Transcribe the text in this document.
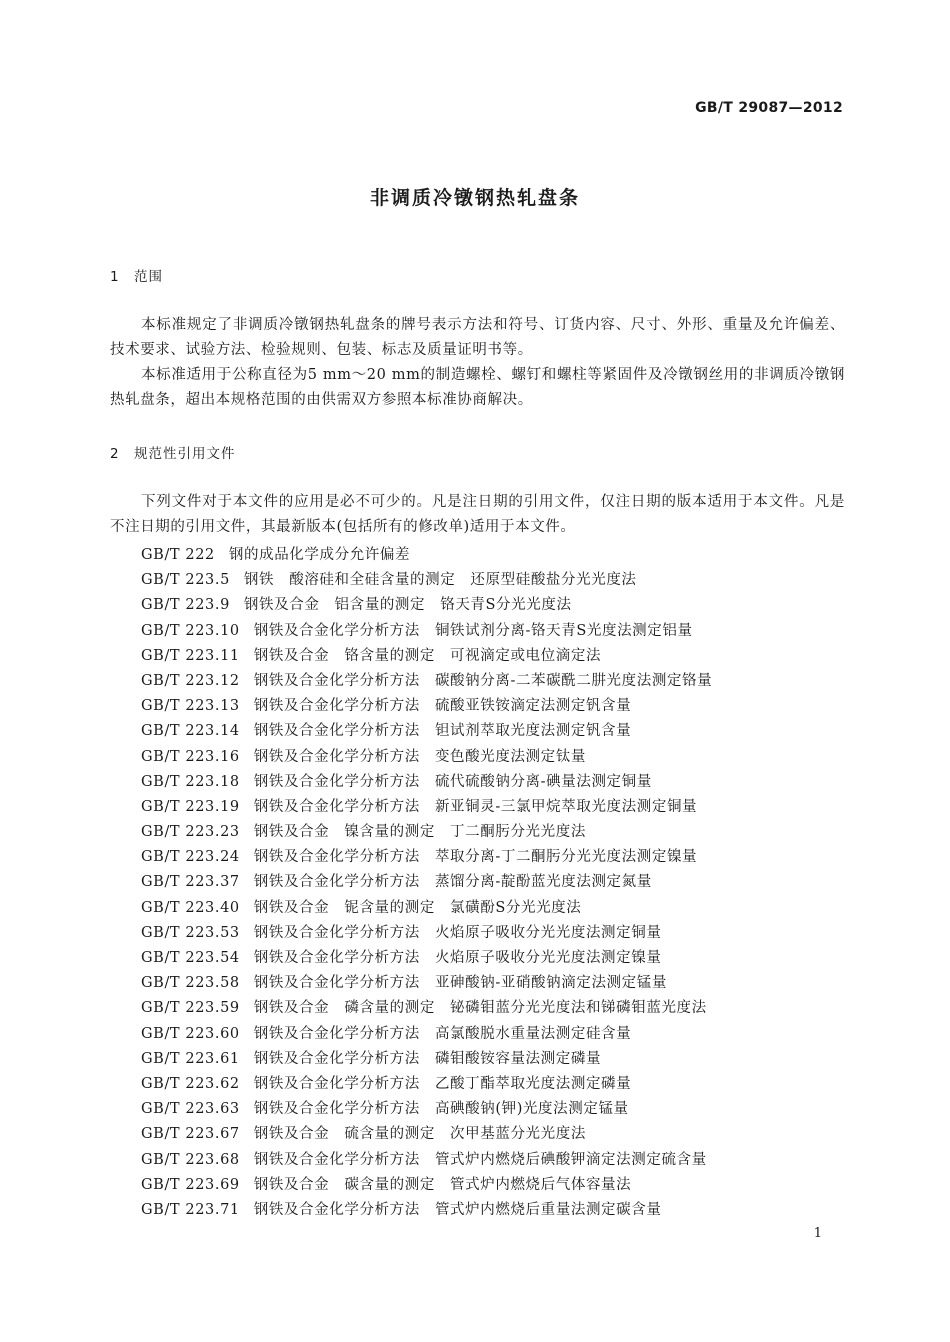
GB/T 29087—2012
非调质冷镦钢热轧盘条
1 范围
本标准规定了非调质冷镦钢热轧盘条的牌号表示方法和符号、订货内容、尺寸、外形、重量及允许偏差、技术要求、试验方法、检验规则、包装、标志及质量证明书等。
本标准适用于公称直径为5 mm～20 mm的制造螺栓、螺钉和螺柱等紧固件及冷镦钢丝用的非调质冷镦钢热轧盘条，超出本规格范围的由供需双方参照本标准协商解决。
2 规范性引用文件
下列文件对于本文件的应用是必不可少的。凡是注日期的引用文件，仅注日期的版本适用于本文件。凡是不注日期的引用文件，其最新版本(包括所有的修改单)适用于本文件。
GB/T 222 钢的成品化学成分允许偏差
GB/T 223.5 钢铁　酸溶硅和全硅含量的测定　还原型硅酸盐分光光度法
GB/T 223.9 钢铁及合金　铝含量的测定　铬天青S分光光度法
GB/T 223.10 钢铁及合金化学分析方法　铜铁试剂分离-铬天青S光度法测定铝量
GB/T 223.11 钢铁及合金　铬含量的测定　可视滴定或电位滴定法
GB/T 223.12 钢铁及合金化学分析方法　碳酸钠分离-二苯碳酰二肼光度法测定铬量
GB/T 223.13 钢铁及合金化学分析方法　硫酸亚铁铵滴定法测定钒含量
GB/T 223.14 钢铁及合金化学分析方法　钽试剂萃取光度法测定钒含量
GB/T 223.16 钢铁及合金化学分析方法　变色酸光度法测定钛量
GB/T 223.18 钢铁及合金化学分析方法　硫代硫酸钠分离-碘量法测定铜量
GB/T 223.19 钢铁及合金化学分析方法　新亚铜灵-三氯甲烷萃取光度法测定铜量
GB/T 223.23 钢铁及合金　镍含量的测定　丁二酮肟分光光度法
GB/T 223.24 钢铁及合金化学分析方法　萃取分离-丁二酮肟分光光度法测定镍量
GB/T 223.37 钢铁及合金化学分析方法　蒸馏分离-靛酚蓝光度法测定氮量
GB/T 223.40 钢铁及合金　铌含量的测定　氯磺酚S分光光度法
GB/T 223.53 钢铁及合金化学分析方法　火焰原子吸收分光光度法测定铜量
GB/T 223.54 钢铁及合金化学分析方法　火焰原子吸收分光光度法测定镍量
GB/T 223.58 钢铁及合金化学分析方法　亚砷酸钠-亚硝酸钠滴定法测定锰量
GB/T 223.59 钢铁及合金　磷含量的测定　铋磷钼蓝分光光度法和锑磷钼蓝光度法
GB/T 223.60 钢铁及合金化学分析方法　高氯酸脱水重量法测定硅含量
GB/T 223.61 钢铁及合金化学分析方法　磷钼酸铵容量法测定磷量
GB/T 223.62 钢铁及合金化学分析方法　乙酸丁酯萃取光度法测定磷量
GB/T 223.63 钢铁及合金化学分析方法　高碘酸钠(钾)光度法测定锰量
GB/T 223.67 钢铁及合金　硫含量的测定　次甲基蓝分光光度法
GB/T 223.68 钢铁及合金化学分析方法　管式炉内燃烧后碘酸钾滴定法测定硫含量
GB/T 223.69 钢铁及合金　碳含量的测定　管式炉内燃烧后气体容量法
GB/T 223.71 钢铁及合金化学分析方法　管式炉内燃烧后重量法测定碳含量
1
